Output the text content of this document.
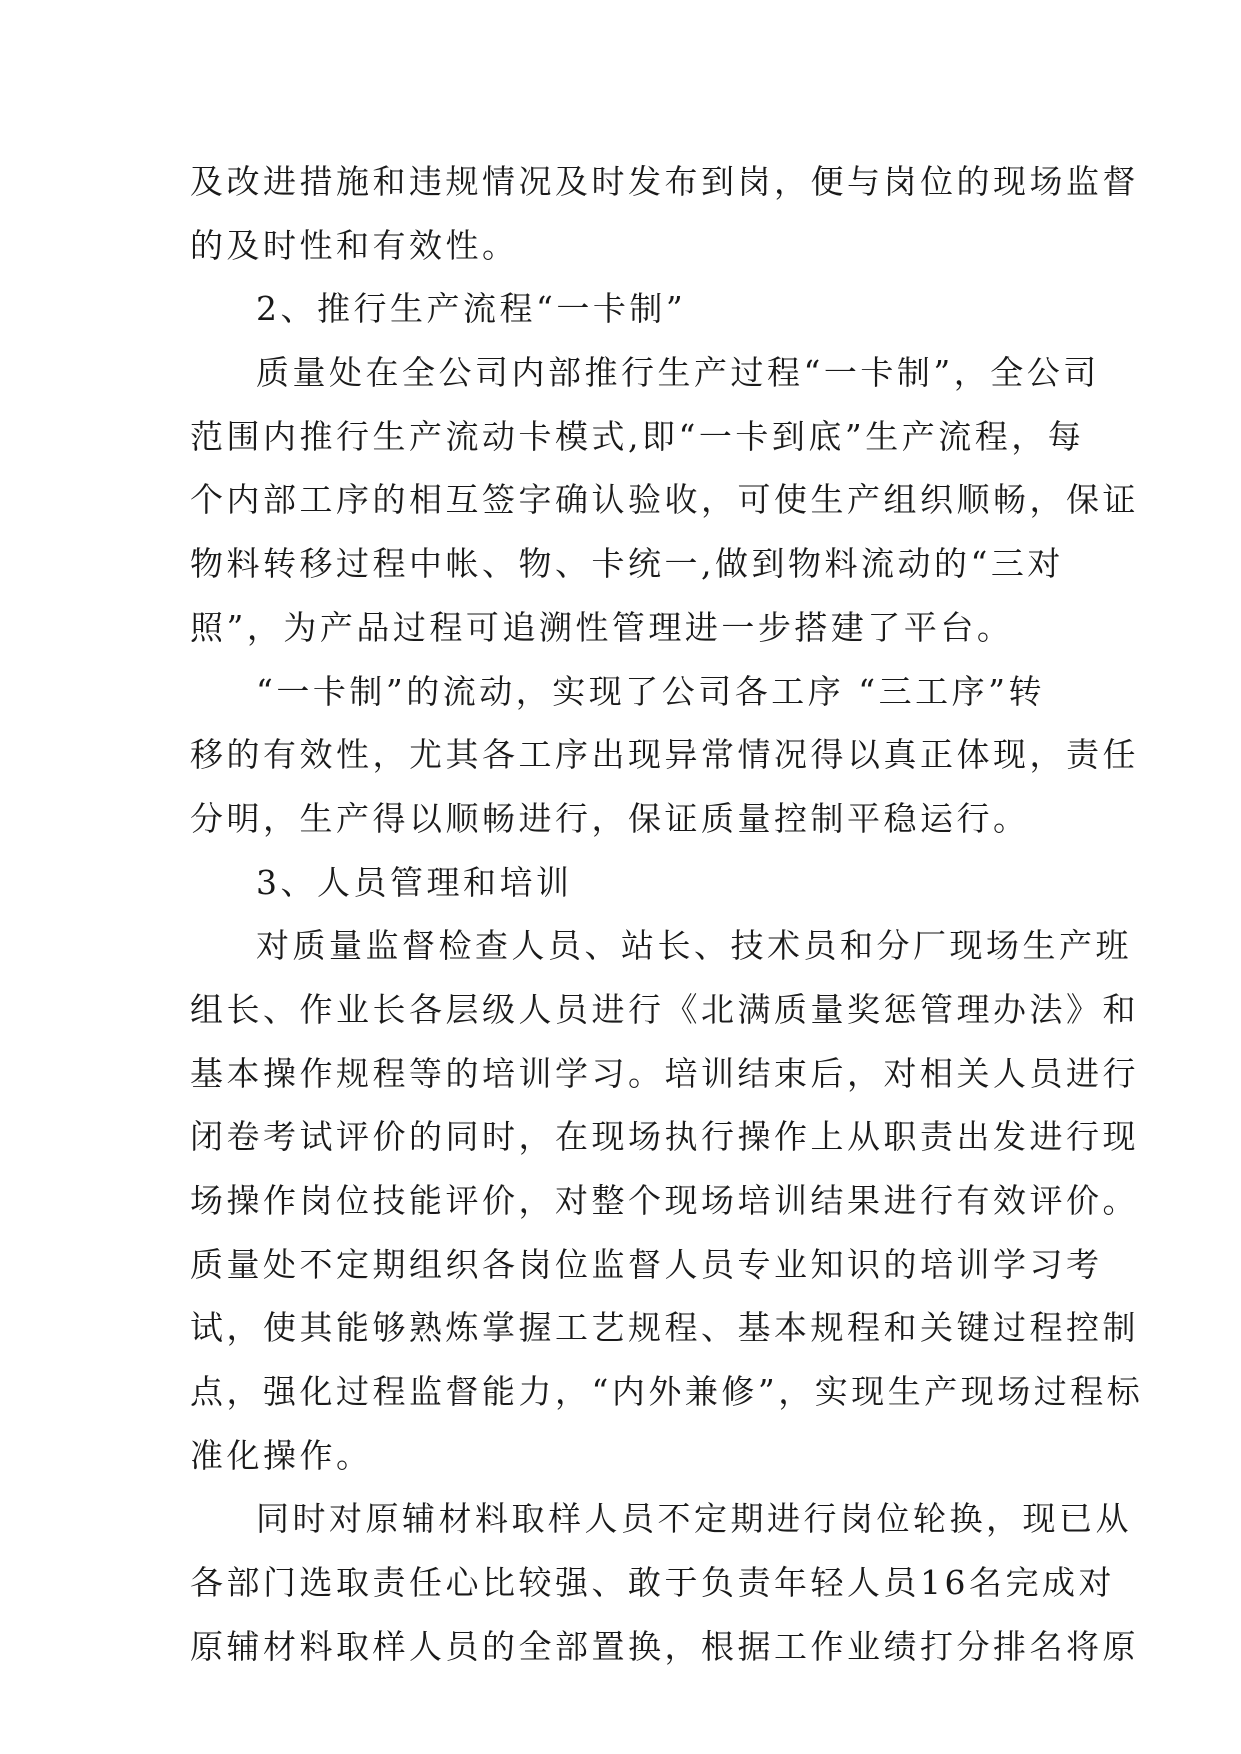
及改进措施和违规情况及时发布到岗，便与岗位的现场监督
的及时性和有效性。
2、推行生产流程“一卡制”
质量处在全公司内部推行生产过程“一卡制”，全公司
范围内推行生产流动卡模式,即“一卡到底”生产流程，每
个内部工序的相互签字确认验收，可使生产组织顺畅，保证
物料转移过程中帐、物、卡统一,做到物料流动的“三对
照”，为产品过程可追溯性管理进一步搭建了平台。
“一卡制”的流动，实现了公司各工序 “三工序”转
移的有效性，尤其各工序出现异常情况得以真正体现，责任
分明，生产得以顺畅进行，保证质量控制平稳运行。
3、人员管理和培训
对质量监督检查人员、站长、技术员和分厂现场生产班
组长、作业长各层级人员进行《北满质量奖惩管理办法》和
基本操作规程等的培训学习。培训结束后，对相关人员进行
闭卷考试评价的同时，在现场执行操作上从职责出发进行现
场操作岗位技能评价，对整个现场培训结果进行有效评价。
质量处不定期组织各岗位监督人员专业知识的培训学习考
试，使其能够熟炼掌握工艺规程、基本规程和关键过程控制
点，强化过程监督能力，“内外兼修”，实现生产现场过程标
准化操作。
同时对原辅材料取样人员不定期进行岗位轮换，现已从
各部门选取责任心比较强、敢于负责年轻人员16名完成对
原辅材料取样人员的全部置换，根据工作业绩打分排名将原
